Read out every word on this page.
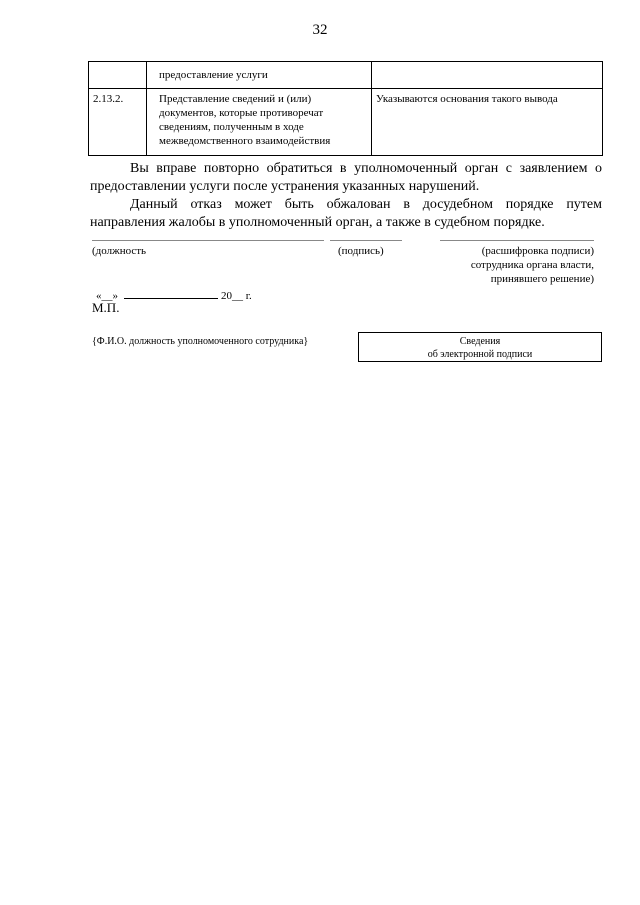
32
	предоставление услуги	
2.13.2.	Представление сведений и (или)
документов, которые противоречат
сведениям, полученным в ходе
межведомственного взаимодействия	Указываются основания такого вывода

Вы вправе повторно обратиться в уполномоченный орган с заявлением о предоставлении услуги после устранения указанных нарушений.

Данный отказ может быть обжалован в досудебном порядке путем направления жалобы в уполномоченный орган, а также в судебном порядке.

(должность	(подпись)	(расшифровка подписи)
сотрудника органа власти,
принявшего решение)
«__»	20__ г.
М.П.
{Ф.И.О. должность уполномоченного сотрудника}	Сведения
об электронной подписи
